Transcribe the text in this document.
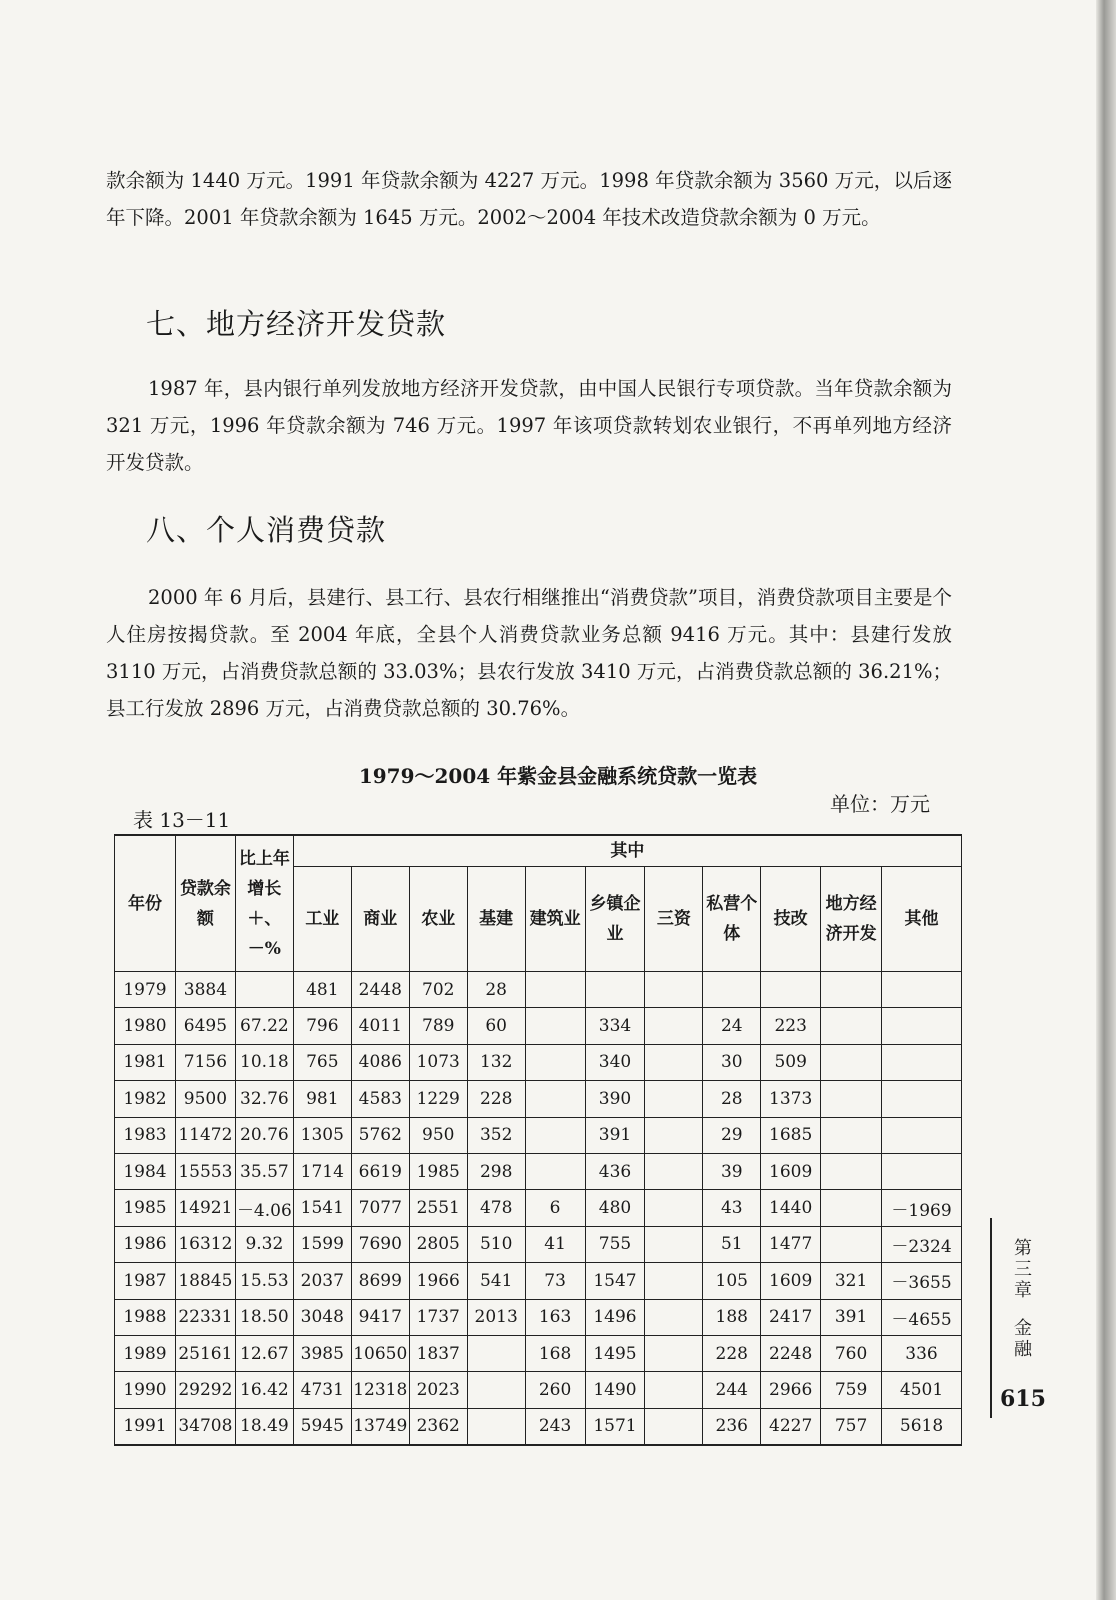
款余额为 1440 万元。1991 年贷款余额为 4227 万元。1998 年贷款余额为 3560 万元，以后逐年下降。2001 年贷款余额为 1645 万元。2002～2004 年技术改造贷款余额为 0 万元。

七、地方经济开发贷款

1987 年，县内银行单列发放地方经济开发贷款，由中国人民银行专项贷款。当年贷款余额为 321 万元，1996 年贷款余额为 746 万元。1997 年该项贷款转划农业银行，不再单列地方经济开发贷款。

八、个人消费贷款

2000 年 6 月后，县建行、县工行、县农行相继推出“消费贷款”项目，消费贷款项目主要是个人住房按揭贷款。至 2004 年底，全县个人消费贷款业务总额 9416 万元。其中：县建行发放 3110 万元，占消费贷款总额的 33.03%；县农行发放 3410 万元，占消费贷款总额的 36.21%；县工行发放 2896 万元，占消费贷款总额的 30.76%。

1979～2004 年紫金县金融系统贷款一览表
表 13－11
单位：万元
年份	贷款余额	比上年增长＋、－%	其中										
			工业	商业	农业	基建	建筑业	乡镇企业	三资	私营个体	技改	地方经济开发	其他
1979	3884		481	2448	702	28							
1980	6495	67.22	796	4011	789	60		334		24	223		
1981	7156	10.18	765	4086	1073	132		340		30	509		
1982	9500	32.76	981	4583	1229	228		390		28	1373		
1983	11472	20.76	1305	5762	950	352		391		29	1685		
1984	15553	35.57	1714	6619	1985	298		436		39	1609		
1985	14921	－4.06	1541	7077	2551	478	6	480		43	1440		－1969
1986	16312	9.32	1599	7690	2805	510	41	755		51	1477		－2324
1987	18845	15.53	2037	8699	1966	541	73	1547		105	1609	321	－3655
1988	22331	18.50	3048	9417	1737	2013	163	1496		188	2417	391	－4655
1989	25161	12.67	3985	10650	1837		168	1495		228	2248	760	336
1990	29292	16.42	4731	12318	2023		260	1490		244	2966	759	4501
1991	34708	18.49	5945	13749	2362		243	1571		236	4227	757	5618
第三章
金融
615
